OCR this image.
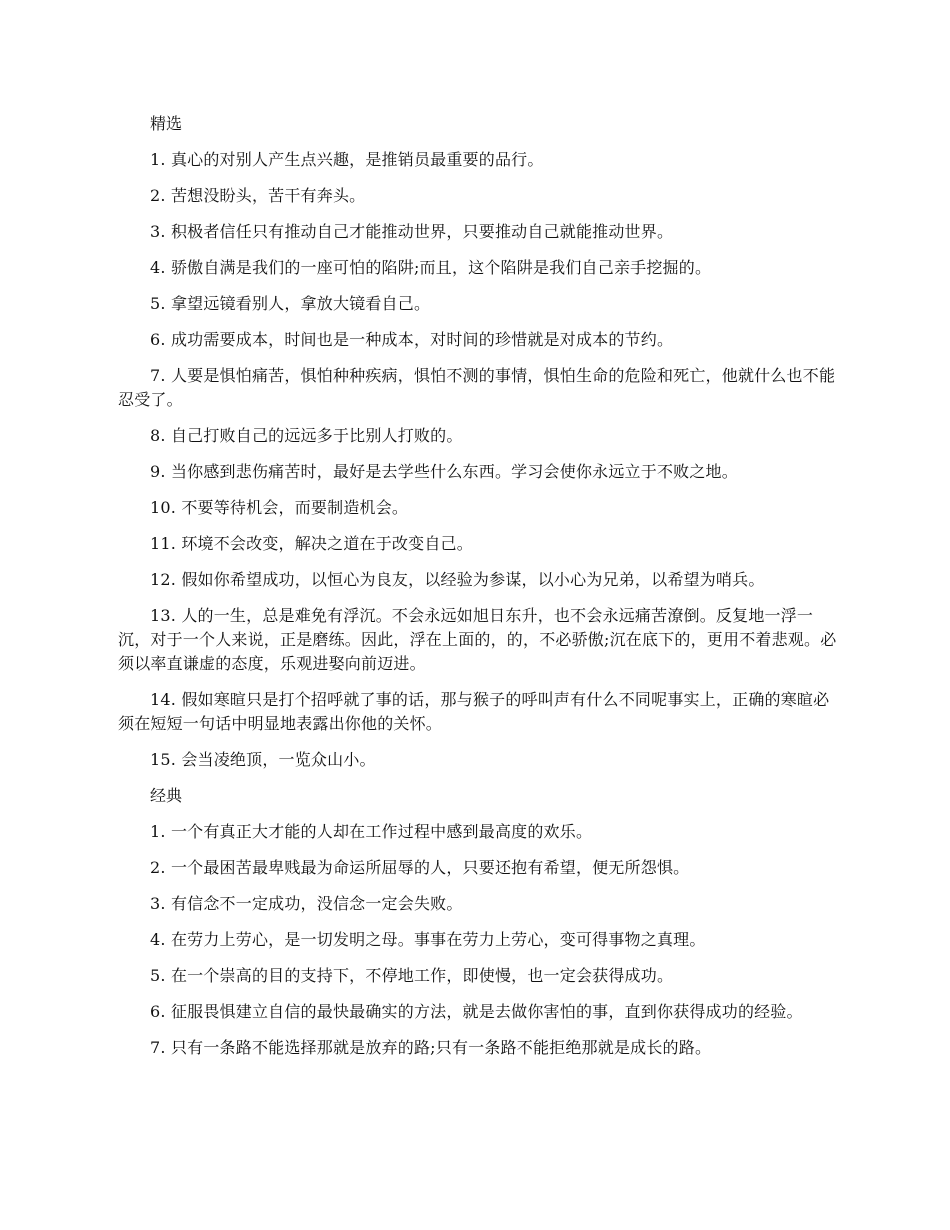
精选

1. 真心的对别人产生点兴趣，是推销员最重要的品行。

2. 苦想没盼头，苦干有奔头。

3. 积极者信任只有推动自己才能推动世界，只要推动自己就能推动世界。

4. 骄傲自满是我们的一座可怕的陷阱;而且，这个陷阱是我们自己亲手挖掘的。

5. 拿望远镜看别人，拿放大镜看自己。

6. 成功需要成本，时间也是一种成本，对时间的珍惜就是对成本的节约。

7. 人要是惧怕痛苦，惧怕种种疾病，惧怕不测的事情，惧怕生命的危险和死亡，他就什么也不能忍受了。

8. 自己打败自己的远远多于比别人打败的。

9. 当你感到悲伤痛苦时，最好是去学些什么东西。学习会使你永远立于不败之地。

10. 不要等待机会，而要制造机会。

11. 环境不会改变，解决之道在于改变自己。

12. 假如你希望成功，以恒心为良友，以经验为参谋，以小心为兄弟，以希望为哨兵。

13. 人的一生，总是难免有浮沉。不会永远如旭日东升，也不会永远痛苦潦倒。反复地一浮一沉，对于一个人来说，正是磨练。因此，浮在上面的，的，不必骄傲;沉在底下的，更用不着悲观。必须以率直谦虚的态度，乐观进娶向前迈进。

14. 假如寒暄只是打个招呼就了事的话，那与猴子的呼叫声有什么不同呢事实上，正确的寒暄必须在短短一句话中明显地表露出你他的关怀。

15. 会当凌绝顶，一览众山小。

经典

1. 一个有真正大才能的人却在工作过程中感到最高度的欢乐。

2. 一个最困苦最卑贱最为命运所屈辱的人，只要还抱有希望，便无所怨惧。

3. 有信念不一定成功，没信念一定会失败。

4. 在劳力上劳心，是一切发明之母。事事在劳力上劳心，变可得事物之真理。

5. 在一个崇高的目的支持下，不停地工作，即使慢，也一定会获得成功。

6. 征服畏惧建立自信的最快最确实的方法，就是去做你害怕的事，直到你获得成功的经验。

7. 只有一条路不能选择那就是放弃的路;只有一条路不能拒绝那就是成长的路。
